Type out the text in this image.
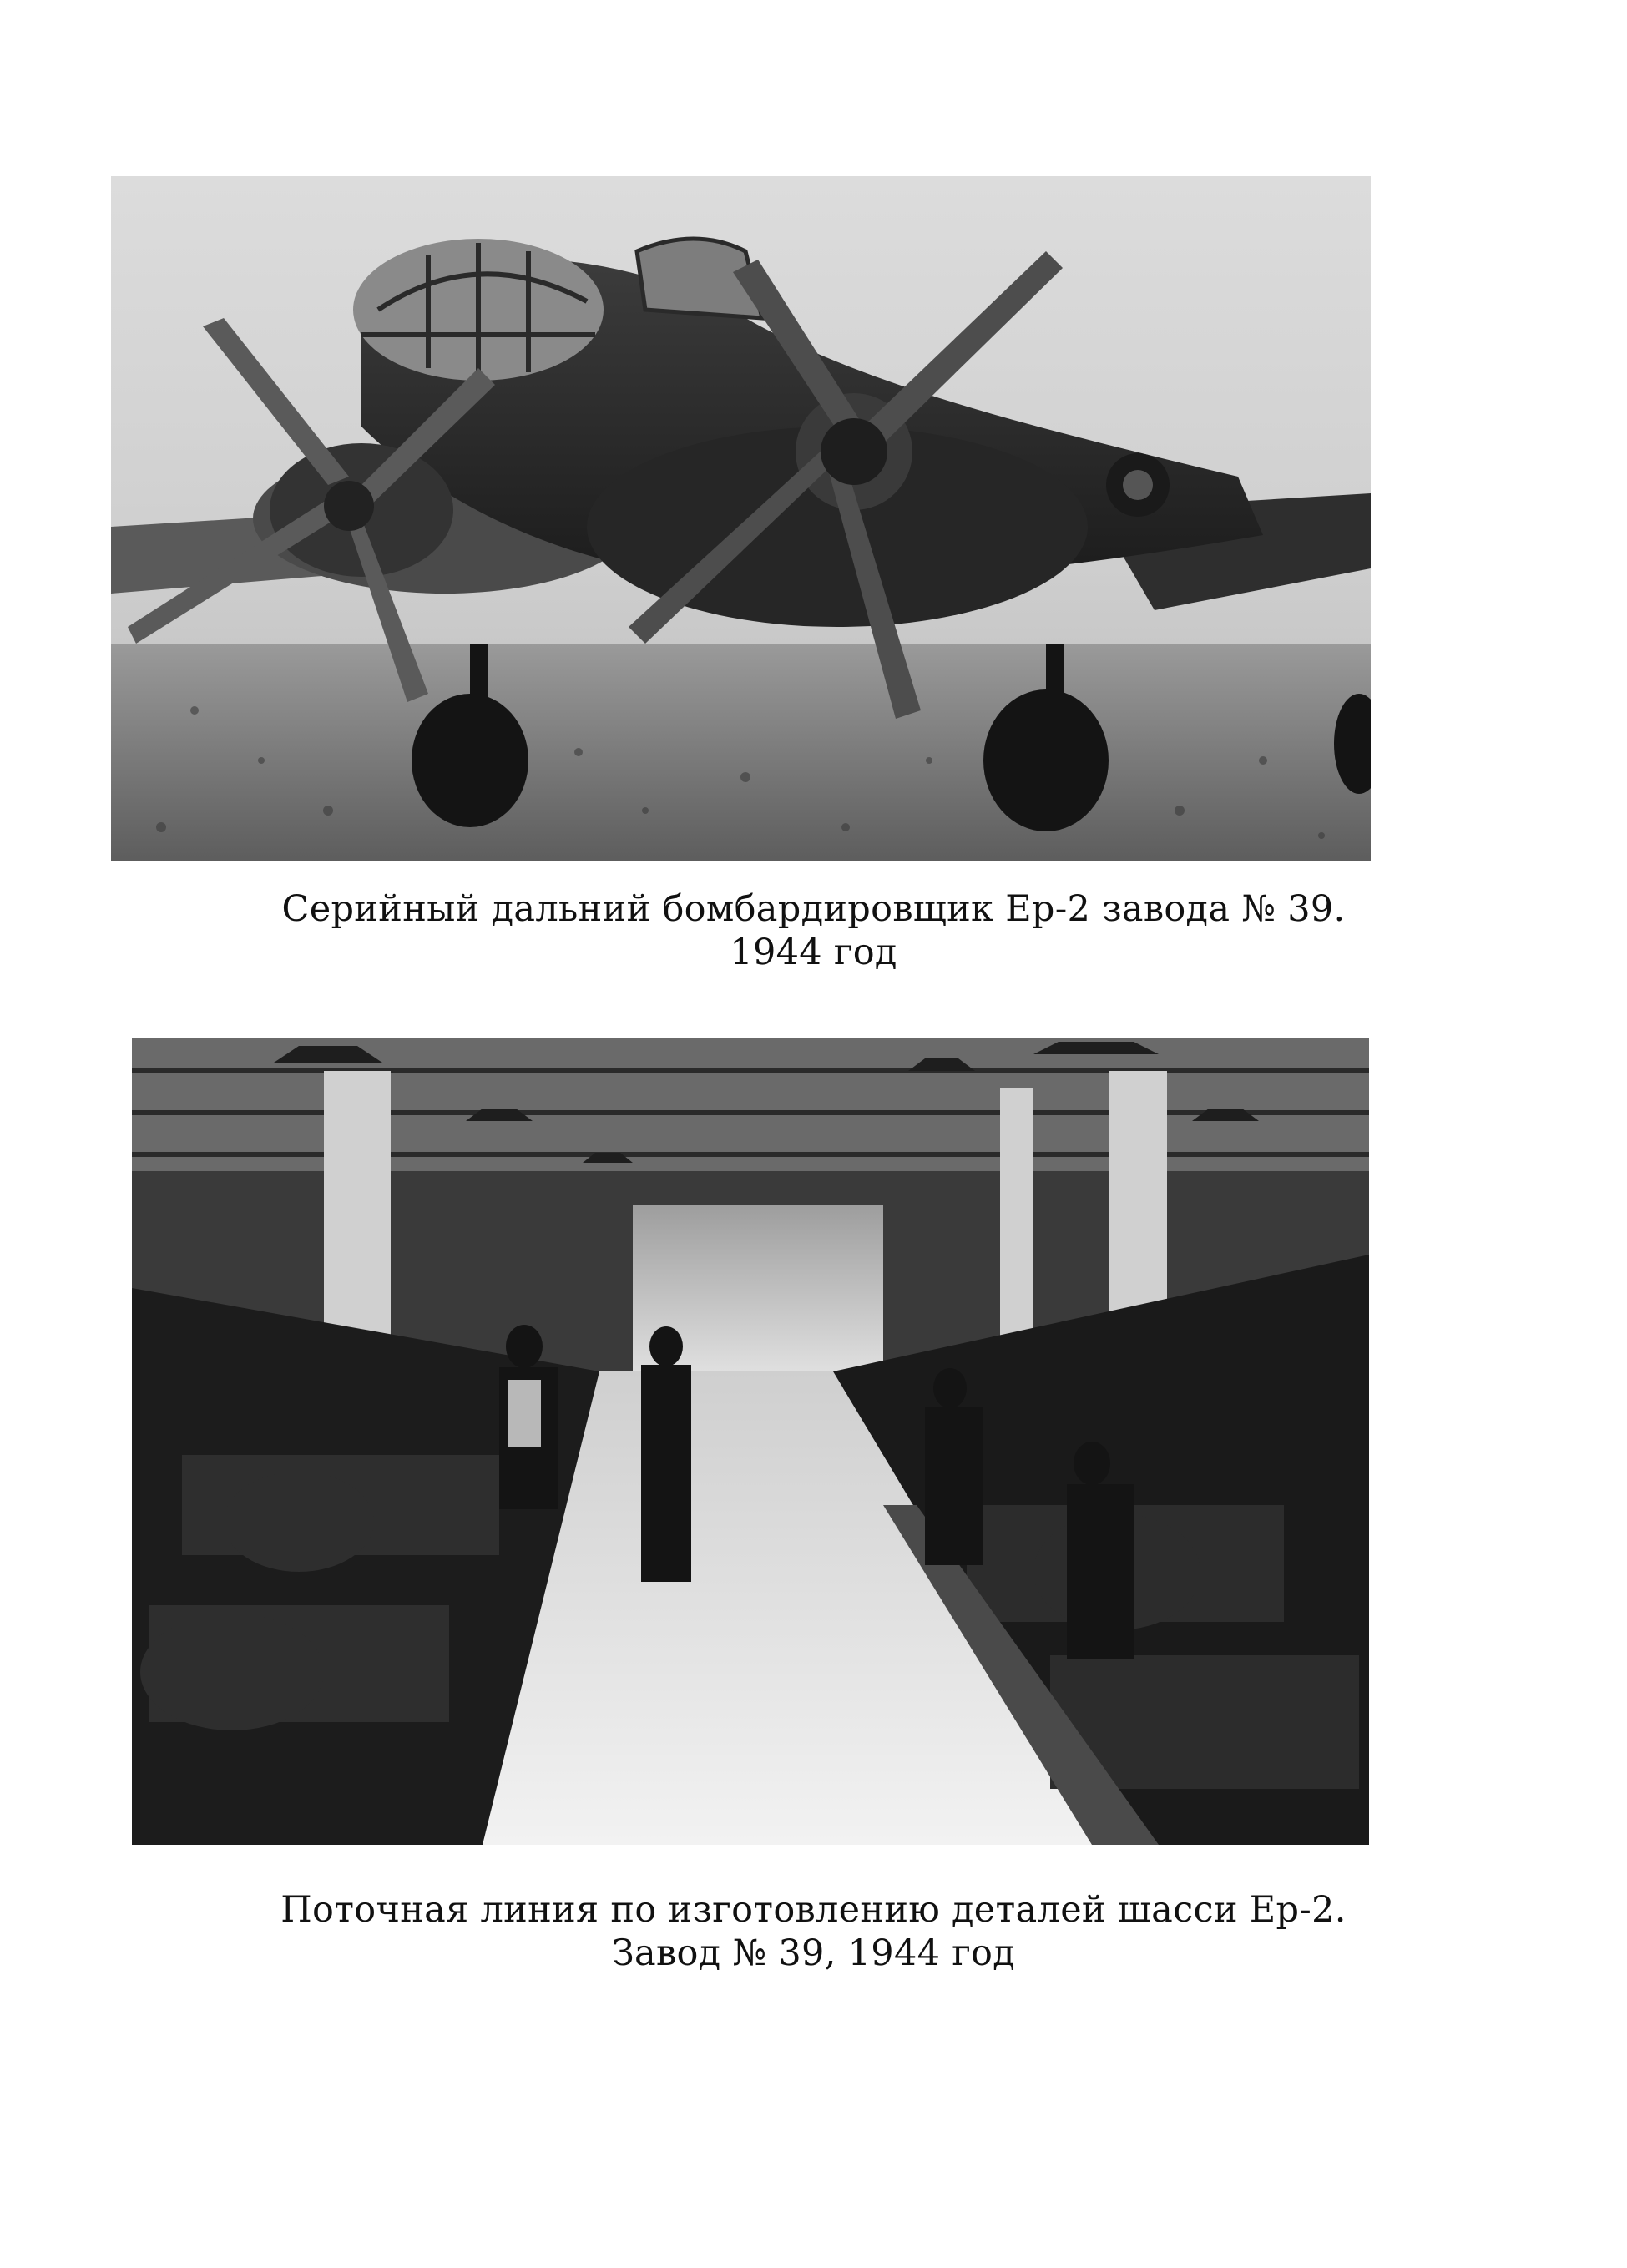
Серийный дальний бомбардировщик Ер-2 завода № 39.
1944 год
Поточная линия по изготовлению деталей шасси Ер-2.
Завод № 39, 1944 год
